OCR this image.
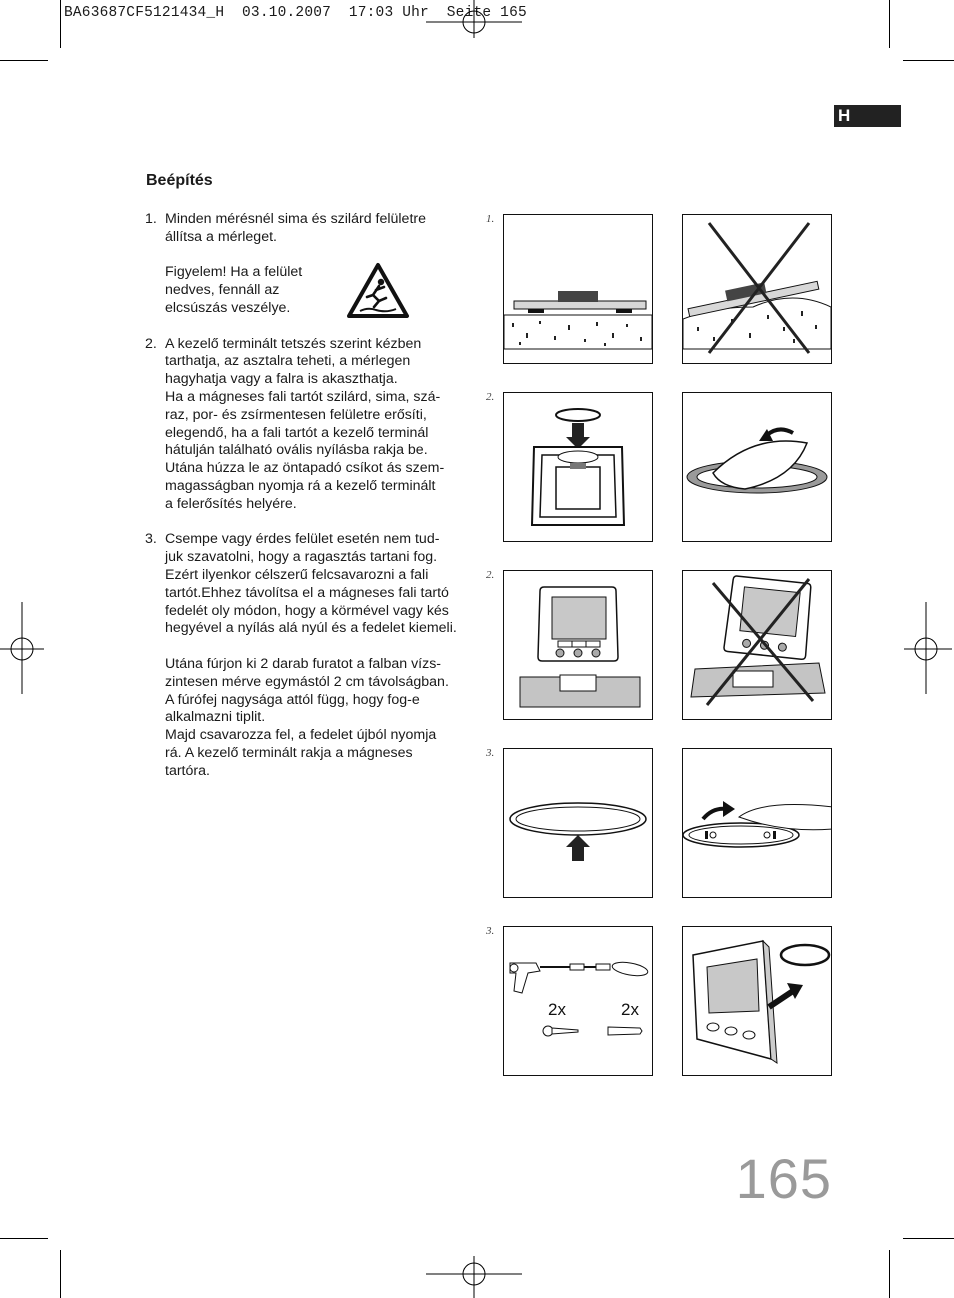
BA63687CF5121434_H  03.10.2007  17:03 Uhr  Seite 165
H
Beépítés
1. Minden mérésnél sima és szilárd felületre
állítsa a mérleget.
Figyelem! Ha a felület
nedves, fennáll az
elcsúszás veszélye.
2. A kezelő terminált tetszés szerint kézben
tarthatja, az asztalra teheti, a mérlegen
hagyhatja vagy a falra is akaszthatja.
Ha a mágneses fali tartót szilárd, sima, szá-
raz, por- és zsírmentesen felületre erősíti,
elegendő, ha a fali tartót a kezelő terminál
hátulján található ovális nyílásba rakja be.
Utána húzza le az öntapadó csíkot ás szem-
magasságban nyomja rá a kezelő terminált
a felerősítés helyére.
3. Csempe vagy érdes felület esetén nem tud-
juk szavatolni, hogy a ragasztás tartani fog.
Ezért ilyenkor célszerű felcsavarozni a fali
tartót.Ehhez távolítsa el a mágneses fali tartó
fedelét oly módon, hogy a körmével vagy kés
hegyével a nyílás alá nyúl és a fedelet kiemeli.
Utána fúrjon ki 2 darab furatot a falban vízs-
zintesen mérve egymástól 2 cm távolságban.
A fúrófej nagysága attól függ, hogy fog-e
alkalmazni tiplit.
Majd csavarozza fel, a fedelet újból nyomja
rá. A kezelő terminált rakja a mágneses
tartóra.
1.
2.
2.
3.
3.
2x	2x
165
